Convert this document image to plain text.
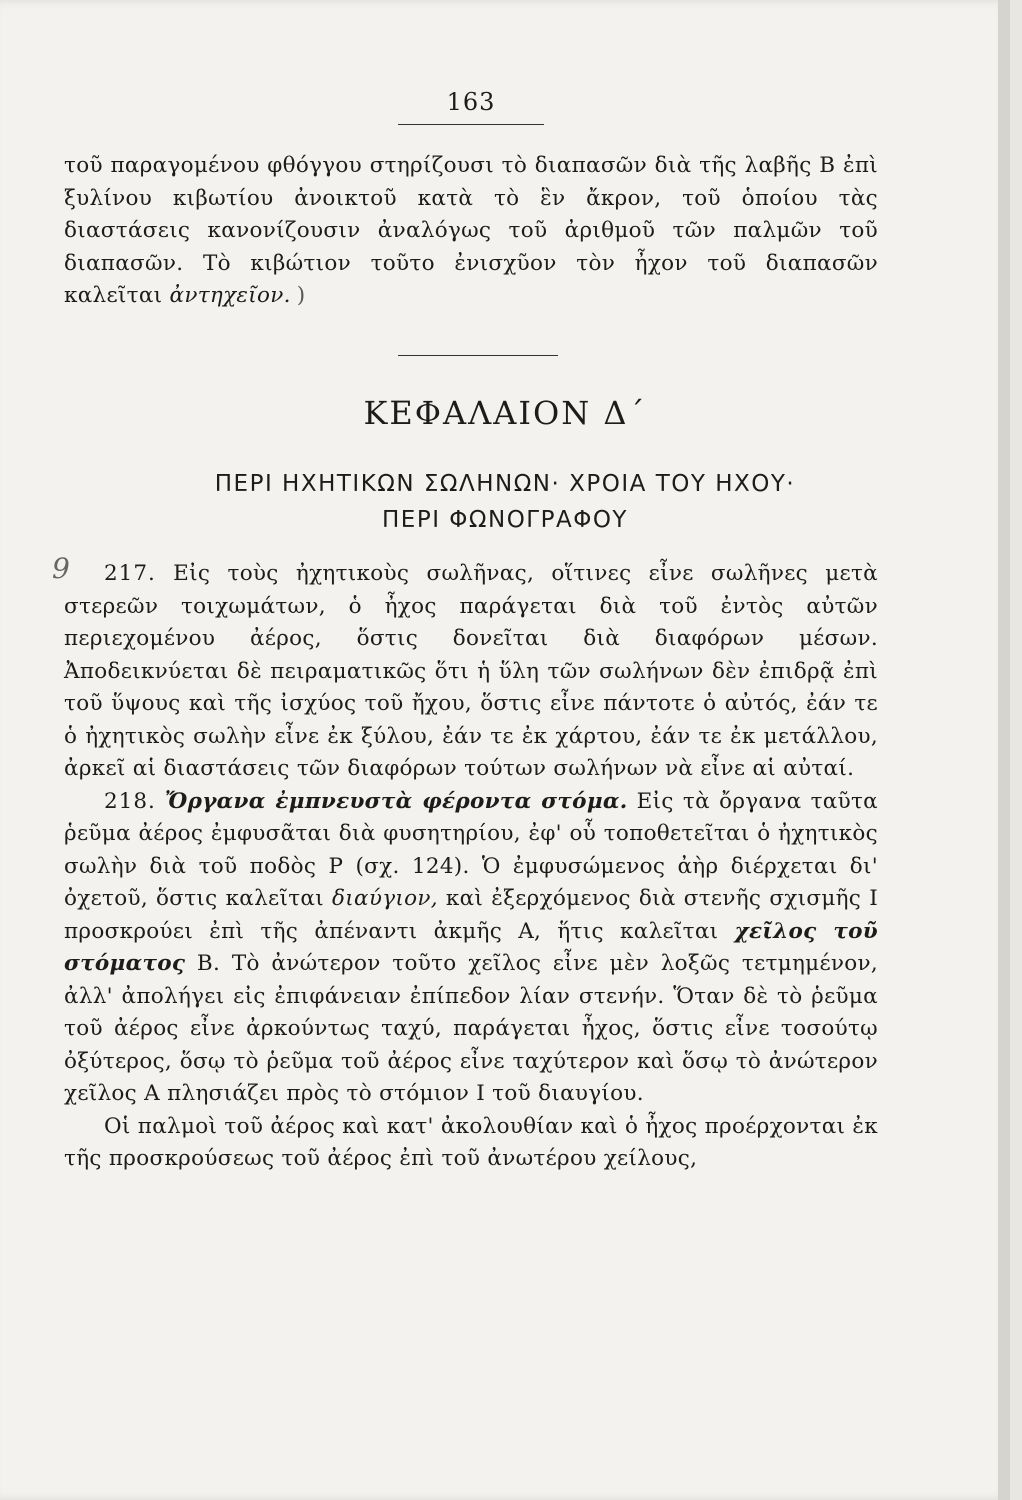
163

τοῦ παραγομένου φθόγγου στηρίζουσι τὸ διαπασῶν διὰ τῆς λαβῆς Β ἐπὶ ξυλίνου κιβωτίου ἀνοικτοῦ κατὰ τὸ ἓν ἄκρον, τοῦ ὁποίου τὰς διαστάσεις κανονίζουσιν ἀναλόγως τοῦ ἀριθμοῦ τῶν παλμῶν τοῦ διαπασῶν. Τὸ κιβώτιον τοῦτο ἐνισχῦον τὸν ἦχον τοῦ διαπασῶν καλεῖται ἀντηχεῖον. )

ΚΕΦΑΛΑΙΟΝ Δ΄
ΠΕΡΙ ΗΧΗΤΙΚΩΝ ΣΩΛΗΝΩΝ· ΧΡΟΙΑ ΤΟΥ ΗΧΟΥ·
ΠΕΡΙ ΦΩΝΟΓΡΑΦΟΥ
9	217. Εἰς τοὺς ἠχητικοὺς σωλῆνας, οἵτινες εἶνε σωλῆνες μετὰ στερεῶν τοιχωμάτων, ὁ ἦχος παράγεται διὰ τοῦ ἐντὸς αὐτῶν περιεχομένου ἀέρος, ὅστις δονεῖται διὰ διαφόρων μέσων. Ἀποδεικνύεται δὲ πειραματικῶς ὅτι ἡ ὕλη τῶν σωλήνων δὲν ἐπιδρᾷ ἐπὶ τοῦ ὕψους καὶ τῆς ἰσχύος τοῦ ἤχου, ὅστις εἶνε πάντοτε ὁ αὐτός, ἐάν τε ὁ ἠχητικὸς σωλὴν εἶνε ἐκ ξύλου, ἐάν τε ἐκ χάρτου, ἐάν τε ἐκ μετάλλου, ἀρκεῖ αἱ διαστάσεις τῶν διαφόρων τούτων σωλήνων νὰ εἶνε αἱ αὐταί.

218. Ὄργανα ἐμπνευστὰ φέροντα στόμα. Εἰς τὰ ὄργανα ταῦτα ῥεῦμα ἀέρος ἐμφυσᾶται διὰ φυσητηρίου, ἐφ' οὗ τοποθετεῖται ὁ ἠχητικὸς σωλὴν διὰ τοῦ ποδὸς Ρ (σχ. 124). Ὁ ἐμφυσώμενος ἀὴρ διέρχεται δι' ὀχετοῦ, ὅστις καλεῖται διαύγιον, καὶ ἐξερχόμενος διὰ στενῆς σχισμῆς Ι προσκρούει ἐπὶ τῆς ἀπέναντι ἀκμῆς Α, ἥτις καλεῖται χεῖλος τοῦ στόματος Β. Τὸ ἀνώτερον τοῦτο χεῖλος εἶνε μὲν λοξῶς τετμημένον, ἀλλ' ἀπολήγει εἰς ἐπιφάνειαν ἐπίπεδον λίαν στενήν. Ὅταν δὲ τὸ ῥεῦμα τοῦ ἀέρος εἶνε ἀρκούντως ταχύ, παράγεται ἦχος, ὅστις εἶνε τοσούτῳ ὀξύτερος, ὅσῳ τὸ ῥεῦμα τοῦ ἀέρος εἶνε ταχύτερον καὶ ὅσῳ τὸ ἀνώτερον χεῖλος Α πλησιάζει πρὸς τὸ στόμιον Ι τοῦ διαυγίου.

Οἱ παλμοὶ τοῦ ἀέρος καὶ κατ' ἀκολουθίαν καὶ ὁ ἦχος προέρχονται ἐκ τῆς προσκρούσεως τοῦ ἀέρος ἐπὶ τοῦ ἀνωτέρου χείλους,
